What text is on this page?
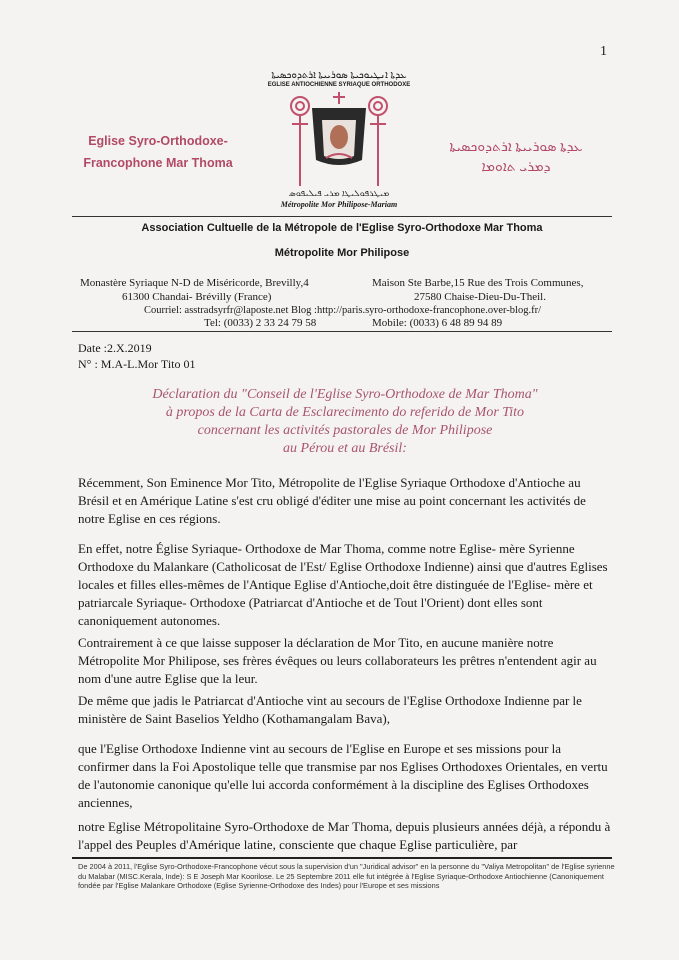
1
ܥܕܬܐ ܐܢܛܝܘܟܝܬܐ ܣܘܪܝܝܬܐ ܐܪܬܕܘܟܣܝܬܐ
EGLISE ANTIOCHIENNE SYRIAQUE ORTHODOXE
ܡܝܛܪܦܘܠܝܛܐ ܡܪܝ ܦܝܠܝܦܘܣ
Métropolite Mor Philipose-Mariam
Eglise Syro-Orthodoxe-
Francophone Mar Thoma
ܥܕܬܐ ܣܘܪܝܝܬܐ ܐܪܬܕܘܟܣܝܬܐ
ܕܡܪܝ ܬܐܘܡܐ
Association Cultuelle de la Métropole de l'Eglise Syro-Orthodoxe Mar Thoma
Métropolite Mor Philipose
Monastère Syriaque N-D de Miséricorde, Brevilly,4
61300 Chandai- Brévilly (France)
Maison Ste Barbe,15 Rue des Trois Communes,
27580 Chaise-Dieu-Du-Theil.
Courriel: asstradsyrfr@laposte.net Blog :http://paris.syro-orthodoxe-francophone.over-blog.fr/
Tel: (0033) 2 33 24 79 58	Mobile: (0033) 6 48 89 94 89
Date :2.X.2019
N° : M.A-L.Mor Tito 01
Déclaration du "Conseil de l'Eglise Syro-Orthodoxe de Mar Thoma"
à propos de la Carta de Esclarecimento do referido de Mor Tito
concernant les activités pastorales de Mor Philipose
au Pérou et au Brésil:
Récemment, Son Eminence Mor Tito, Métropolite de l'Eglise Syriaque Orthodoxe d'Antioche au Brésil et en Amérique Latine s'est cru obligé d'éditer une mise au point concernant les activités de notre Eglise en ces régions.
En effet, notre Église Syriaque- Orthodoxe de Mar Thoma, comme notre Eglise- mère Syrienne Orthodoxe du Malankare (Catholicosat de l'Est/ Eglise Orthodoxe Indienne) ainsi que d'autres Eglises locales et filles elles-mêmes de l'Antique Eglise d'Antioche,doit être distinguée de l'Eglise- mère et patriarcale Syriaque- Orthodoxe (Patriarcat d'Antioche et de Tout l'Orient) dont elles sont canoniquement autonomes.
Contrairement à ce que laisse supposer la déclaration de Mor Tito, en aucune manière notre Métropolite Mor Philipose, ses frères évêques ou leurs collaborateurs les prêtres n'entendent agir au nom d'une autre Eglise que la leur.
De même que jadis le Patriarcat d'Antioche vint au secours de l'Eglise Orthodoxe Indienne par le ministère de Saint Baselios Yeldho (Kothamangalam Bava),
que l'Eglise Orthodoxe Indienne vint au secours de l'Eglise en Europe et ses missions pour la confirmer dans la Foi Apostolique telle que transmise par nos Eglises Orthodoxes Orientales, en vertu de l'autonomie canonique qu'elle lui accorda conformément à la discipline des Eglises Orthodoxes anciennes,
notre Eglise Métropolitaine Syro-Orthodoxe de Mar Thoma, depuis plusieurs années déjà, a répondu à l'appel des Peuples d'Amérique latine, consciente que chaque Eglise particulière, par
De 2004 à 2011, l'Eglise Syro-Orthodoxe-Francophone vécut sous la supervision d'un "Juridical advisor" en la personne du "Valiya Metropolitan" de l'Eglise syrienne du Malabar (MISC.Kerala, Inde): S E Joseph Mar Koorilose. Le 25 Septembre 2011 elle fut intégrée à l'Eglise Syriaque-Orthodoxe Antiochienne (Canoniquement fondée par l'Eglise Malankare Orthodoxe (Eglise Syrienne-Orthodoxe des Indes) pour l'Europe et ses missions
